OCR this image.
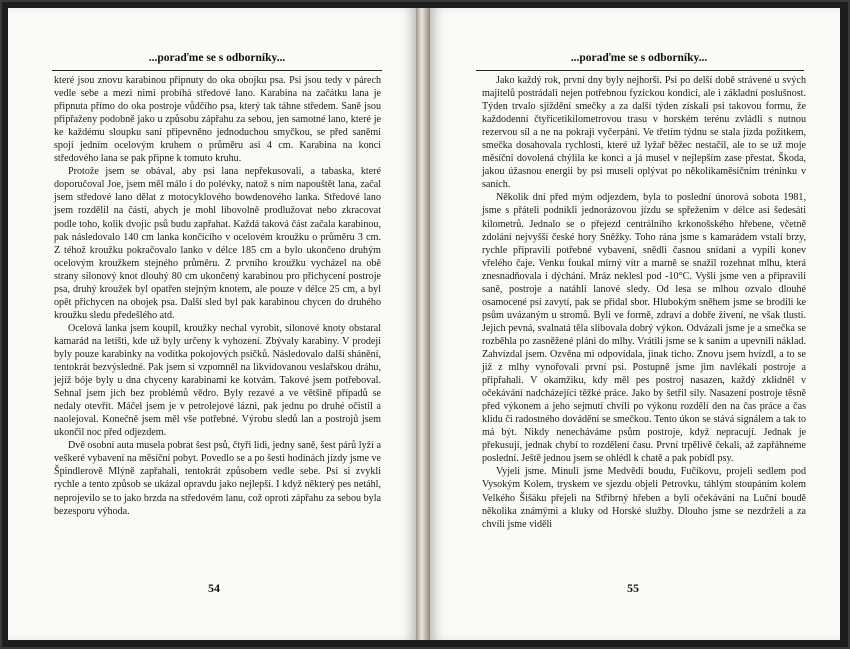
...poraďme se s odborníky...

které jsou znovu karabinou připnuty do oka obojku psa. Psi jsou tedy v párech vedle sebe a mezi nimi probíhá středové lano. Karabina na začátku lana je připnuta přímo do oka postroje vůdčího psa, který tak táhne středem. Saně jsou připřaženy podobně jako u způsobu zápřahu za sebou, jen samotné lano, které je ke každému sloupku saní připevněno jednoduchou smyčkou, se před saněmi spojí jedním ocelovým kruhem o průměru asi 4 cm. Karabina na konci středového lana se pak připne k tomuto kruhu.

Protože jsem se obával, aby psi lana nepřekusovali, a tabaska, které doporučoval Joe, jsem měl málo i do polévky, natož s ním napouštět lana, začal jsem středové lano dělat z motocyklového bowdenového lanka. Středové lano jsem rozdělil na části, abych je mohl libovolně prodlužovat nebo zkracovat podle toho, kolik dvojic psů budu zapřahat. Každá taková část začala karabinou, pak následovalo 140 cm lanka končícího v ocelovém kroužku o průměru 3 cm. Z téhož kroužku pokračovalo lanko v délce 185 cm a bylo ukončeno druhým ocelovým kroužkem stejného průměru. Z prvního kroužku vycházel na obě strany silonový knot dlouhý 80 cm ukončený karabinou pro přichycení postroje psa, druhý kroužek byl opatřen stejným knotem, ale pouze v délce 25 cm, a byl opět přichycen na obojek psa. Další sled byl pak karabinou chycen do druhého kroužku sledu předešlého atd.

Ocelová lanka jsem koupil, kroužky nechal vyrobit, silonové knoty obstaral kamarád na letišti, kde už byly určeny k vyhození. Zbývaly karabiny. V prodeji byly pouze karabinky na vodítka pokojových psíčků. Následovalo další shánění, tentokrát bezvýsledné. Pak jsem si vzpomněl na likvidovanou veslařskou dráhu, jejíž bóje byly u dna chyceny karabinami ke kotvám. Takové jsem potřeboval. Sehnal jsem jich bez problémů vědro. Byly rezavé a ve většině případů se nedaly otevřít. Máčel jsem je v petrolejové lázni, pak jednu po druhé očistil a naolejoval. Konečně jsem měl vše potřebné. Výrobu sledů lan a postrojů jsem ukončil noc před odjezdem.

Dvě osobní auta musela pobrat šest psů, čtyři lidi, jedny saně, šest párů lyží a veškeré vybavení na měsíční pobyt. Povedlo se a po šesti hodinách jízdy jsme ve Špindlerově Mlýně zapřahali, tentokrát způsobem vedle sebe. Psi si zvykli rychle a tento způsob se ukázal opravdu jako nejlepší. I když některý pes netáhl, neprojevilo se to jako brzda na středovém lanu, což oproti zápřahu za sebou byla bezesporu výhoda.

54
...poraďme se s odborníky...

Jako každý rok, první dny byly nejhorší. Psi po delší době strávené u svých majitelů postrádali nejen potřebnou fyzickou kondici, ale i základní poslušnost. Týden trvalo sjíždění smečky a za další týden získali psi takovou formu, že každodenní čtyřicetikilometrovou trasu v horském terénu zvládli s nutnou rezervou síl a ne na pokraji vyčerpání. Ve třetím týdnu se stala jízda požitkem, smečka dosahovala rychlosti, které už lyžař běžec nestačil, ale to se už moje měsíční dovolená chýlila ke konci a já musel v nejlepším zase přestat. Škoda, jakou úžasnou energii by psi museli oplývat po několikaměsíčním tréninku v saních.

Několik dní před mým odjezdem, byla to poslední únorová sobota 1981, jsme s přáteli podnikli jednorázovou jízdu se spřežením v délce asi šedesáti kilometrů. Jednalo se o přejezd centrálního krkonošského hřebene, včetně zdolání nejvyšší české hory Sněžky. Toho rána jsme s kamarádem vstali brzy, rychle připravili potřebné vybavení, snědli časnou snídani a vypili konev vřelého čaje. Venku foukal mírný vítr a marně se snažil rozehnat mlhu, která znesnadňovala i dýchání. Mráz neklesl pod -10°C. Vyšli jsme ven a připravili saně, postroje a natáhli lanové sledy. Od lesa se mlhou ozvalo dlouhé osamocené psí zavytí, pak se přidal sbor. Hlubokým sněhem jsme se brodili ke psům uvázaným u stromů. Byli ve formě, zdraví a dobře živení, ne však tlustí. Jejich pevná, svalnatá těla slibovala dobrý výkon. Odvázali jsme je a smečka se rozběhla po zasněžené pláni do mlhy. Vrátili jsme se k saním a upevnili náklad. Zahvízdal jsem. Ozvěna mi odpovídala, jinak ticho. Znovu jsem hvízdl, a to se již z mlhy vynořovali první psi. Postupně jsme jim navlékali postroje a připřahali. V okamžiku, kdy měl pes postroj nasazen, každý zklidněl v očekávání nadcházející těžké práce. Jako by šetřil síly. Nasazení postroje těsně před výkonem a jeho sejmutí chvíli po výkonu rozdělí den na čas práce a čas klidu či radostného dovádění se smečkou. Tento úkon se stává signálem a tak to má být. Nikdy nenecháváme psům postroje, když nepracují. Jednak je překusují, jednak chybí to rozdělení času. První trpělivě čekali, až zapřáhneme poslední. Ještě jednou jsem se ohlédl k chatě a pak pobídl psy.

Vyjeli jsme. Minuli jsme Medvědí boudu, Fučíkovu, projeli sedlem pod Vysokým Kolem, tryskem ve sjezdu objeli Petrovku, táhlým stoupáním kolem Velkého Šišáku přejeli na Stříbrný hřeben a byli očekáváni na Luční boudě několika známými a kluky od Horské služby. Dlouho jsme se nezdrželi a za chvíli jsme viděli

55
